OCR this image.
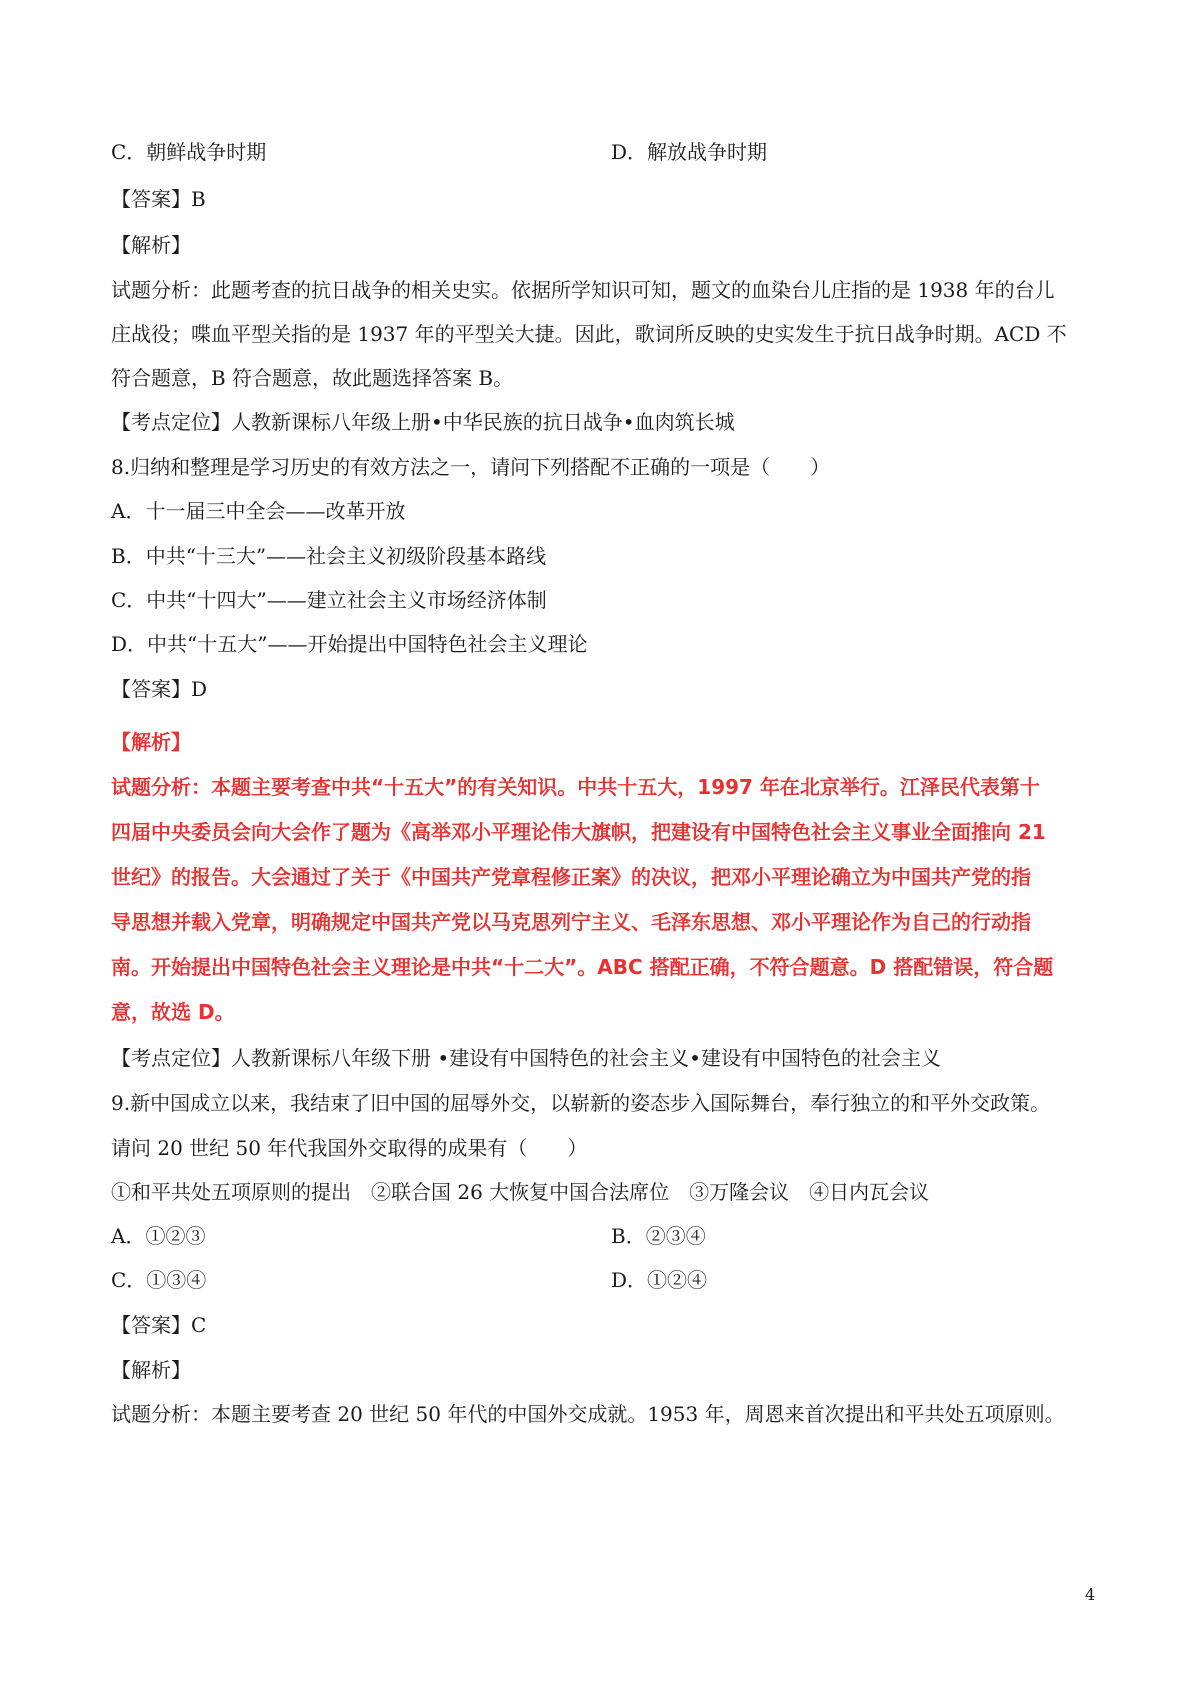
C．朝鲜战争时期	D．解放战争时期
【答案】B
【解析】
试题分析：此题考查的抗日战争的相关史实。依据所学知识可知，题文的血染台儿庄指的是 1938 年的台儿
庄战役；喋血平型关指的是 1937 年的平型关大捷。因此，歌词所反映的史实发生于抗日战争时期。ACD 不
符合题意，B 符合题意，故此题选择答案 B。
【考点定位】人教新课标八年级上册•中华民族的抗日战争•血肉筑长城
8.归纳和整理是学习历史的有效方法之一，请问下列搭配不正确的一项是（　　）
A．十一届三中全会——改革开放
B．中共“十三大”——社会主义初级阶段基本路线
C．中共“十四大”——建立社会主义市场经济体制
D．中共“十五大”——开始提出中国特色社会主义理论
【答案】D
【解析】
试题分析：本题主要考查中共“十五大”的有关知识。中共十五大，1997 年在北京举行。江泽民代表第十
四届中央委员会向大会作了题为《高举邓小平理论伟大旗帜，把建设有中国特色社会主义事业全面推向 21
世纪》的报告。大会通过了关于《中国共产党章程修正案》的决议，把邓小平理论确立为中国共产党的指
导思想并载入党章，明确规定中国共产党以马克思列宁主义、毛泽东思想、邓小平理论作为自己的行动指
南。开始提出中国特色社会主义理论是中共“十二大”。ABC 搭配正确，不符合题意。D 搭配错误，符合题
意，故选 D。
【考点定位】人教新课标八年级下册 •建设有中国特色的社会主义•建设有中国特色的社会主义
9.新中国成立以来，我结束了旧中国的屈辱外交，以崭新的姿态步入国际舞台，奉行独立的和平外交政策。
请问 20 世纪 50 年代我国外交取得的成果有（　　）
①和平共处五项原则的提出　②联合国 26 大恢复中国合法席位　③万隆会议　④日内瓦会议
A．①②③	B．②③④
C．①③④	D．①②④
【答案】C
【解析】
试题分析：本题主要考查 20 世纪 50 年代的中国外交成就。1953 年，周恩来首次提出和平共处五项原则。
4
